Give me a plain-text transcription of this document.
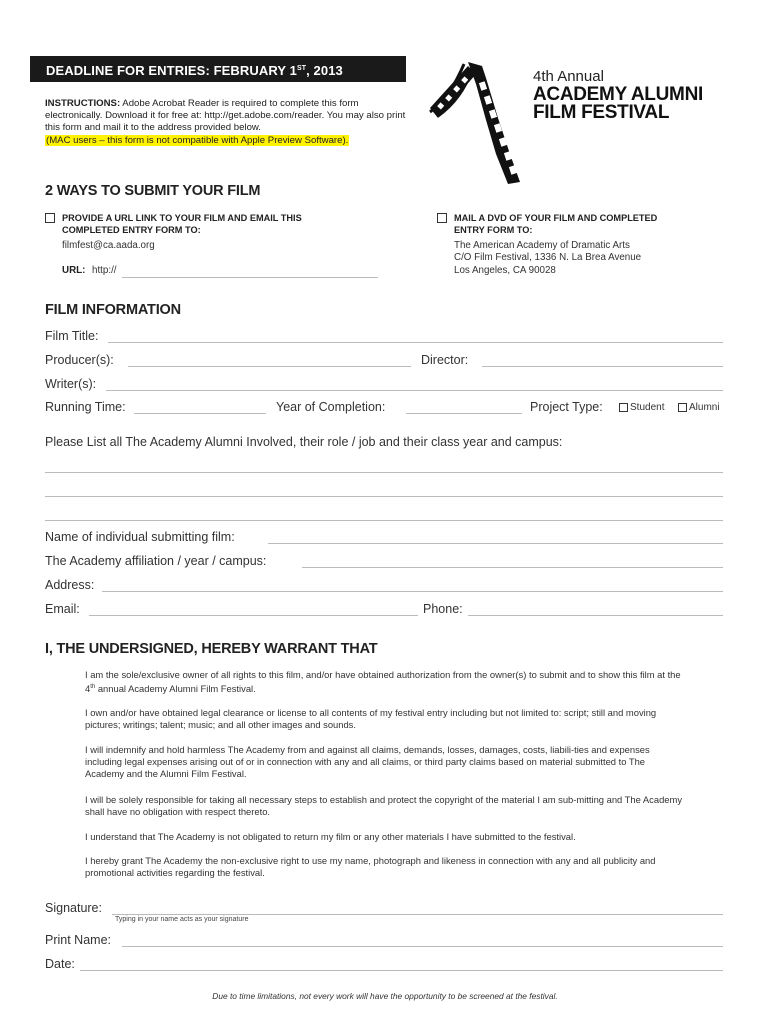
DEADLINE FOR ENTRIES: FEBRUARY 1ST, 2013
INSTRUCTIONS: Adobe Acrobat Reader is required to complete this form electronically. Download it for free at: http://get.adobe.com/reader. You may also print this form and mail it to the address provided below.
(MAC users – this form is not compatible with Apple Preview Software).
4th Annual
ACADEMY ALUMNI
FILM FESTIVAL
2 WAYS TO SUBMIT YOUR FILM
PROVIDE A URL LINK TO YOUR FILM AND EMAIL THIS
COMPLETED ENTRY FORM TO:
filmfest@ca.aada.org
URL: http://
MAIL A DVD OF YOUR FILM AND COMPLETED
ENTRY FORM TO:
The American Academy of Dramatic Arts
C/O Film Festival, 1336 N. La Brea Avenue
Los Angeles, CA 90028
FILM INFORMATION
Film Title:
Producer(s):	Director:
Writer(s):
Running Time:	Year of Completion:	Project Type:	Student Alumni
Please List all The Academy Alumni Involved, their role / job and their class year and campus:
Name of individual submitting film:
The Academy affiliation / year / campus:
Address:
Email:	Phone:
I, THE UNDERSIGNED, HEREBY WARRANT THAT
I am the sole/exclusive owner of all rights to this film, and/or have obtained authorization from the owner(s) to submit and to show this film at the 4th annual Academy Alumni Film Festival.
I own and/or have obtained legal clearance or license to all contents of my festival entry including but not limited to: script; still and moving pictures; writings; talent; music; and all other images and sounds.
I will indemnify and hold harmless The Academy from and against all claims, demands, losses, damages, costs, liabili-ties and expenses including legal expenses arising out of or in connection with any and all claims, or third party claims based on material submitted to The Academy and the Alumni Film Festival.
I will be solely responsible for taking all necessary steps to establish and protect the copyright of the material I am sub-mitting and The Academy shall have no obligation with respect thereto.
I understand that The Academy is not obligated to return my film or any other materials I have submitted to the festival.
I hereby grant The Academy the non-exclusive right to use my name, photograph and likeness in connection with any and all publicity and promotional activities regarding the festival.
Signature:
Typing in your name acts as your signature
Print Name:
Date:
Due to time limitations, not every work will have the opportunity to be screened at the festival.
